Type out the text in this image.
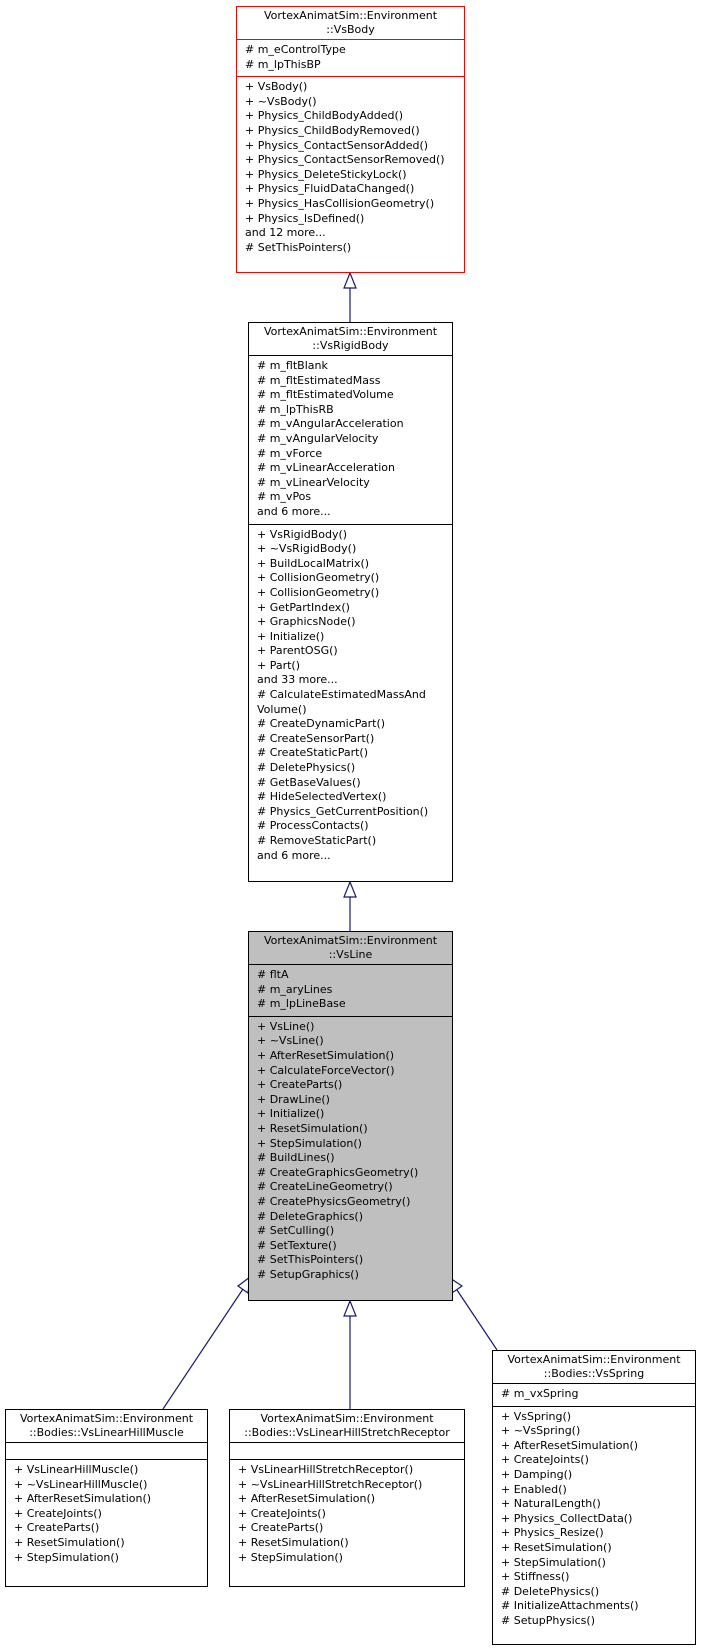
VortexAnimatSim::Environment
::VsBody
# m_eControlType
# m_lpThisBP
+ VsBody()
+ ~VsBody()
+ Physics_ChildBodyAdded()
+ Physics_ChildBodyRemoved()
+ Physics_ContactSensorAdded()
+ Physics_ContactSensorRemoved()
+ Physics_DeleteStickyLock()
+ Physics_FluidDataChanged()
+ Physics_HasCollisionGeometry()
+ Physics_IsDefined()
and 12 more...
# SetThisPointers()
VortexAnimatSim::Environment
::VsRigidBody
# m_fltBlank
# m_fltEstimatedMass
# m_fltEstimatedVolume
# m_lpThisRB
# m_vAngularAcceleration
# m_vAngularVelocity
# m_vForce
# m_vLinearAcceleration
# m_vLinearVelocity
# m_vPos
and 6 more...
+ VsRigidBody()
+ ~VsRigidBody()
+ BuildLocalMatrix()
+ CollisionGeometry()
+ CollisionGeometry()
+ GetPartIndex()
+ GraphicsNode()
+ Initialize()
+ ParentOSG()
+ Part()
and 33 more...
# CalculateEstimatedMassAnd
Volume()
# CreateDynamicPart()
# CreateSensorPart()
# CreateStaticPart()
# DeletePhysics()
# GetBaseValues()
# HideSelectedVertex()
# Physics_GetCurrentPosition()
# ProcessContacts()
# RemoveStaticPart()
and 6 more...
VortexAnimatSim::Environment
::VsLine
# fltA
# m_aryLines
# m_lpLineBase
+ VsLine()
+ ~VsLine()
+ AfterResetSimulation()
+ CalculateForceVector()
+ CreateParts()
+ DrawLine()
+ Initialize()
+ ResetSimulation()
+ StepSimulation()
# BuildLines()
# CreateGraphicsGeometry()
# CreateLineGeometry()
# CreatePhysicsGeometry()
# DeleteGraphics()
# SetCulling()
# SetTexture()
# SetThisPointers()
# SetupGraphics()
VortexAnimatSim::Environment
::Bodies::VsLinearHillMuscle
+ VsLinearHillMuscle()
+ ~VsLinearHillMuscle()
+ AfterResetSimulation()
+ CreateJoints()
+ CreateParts()
+ ResetSimulation()
+ StepSimulation()
VortexAnimatSim::Environment
::Bodies::VsLinearHillStretchReceptor
+ VsLinearHillStretchReceptor()
+ ~VsLinearHillStretchReceptor()
+ AfterResetSimulation()
+ CreateJoints()
+ CreateParts()
+ ResetSimulation()
+ StepSimulation()
VortexAnimatSim::Environment
::Bodies::VsSpring
# m_vxSpring
+ VsSpring()
+ ~VsSpring()
+ AfterResetSimulation()
+ CreateJoints()
+ Damping()
+ Enabled()
+ NaturalLength()
+ Physics_CollectData()
+ Physics_Resize()
+ ResetSimulation()
+ StepSimulation()
+ Stiffness()
# DeletePhysics()
# InitializeAttachments()
# SetupPhysics()
